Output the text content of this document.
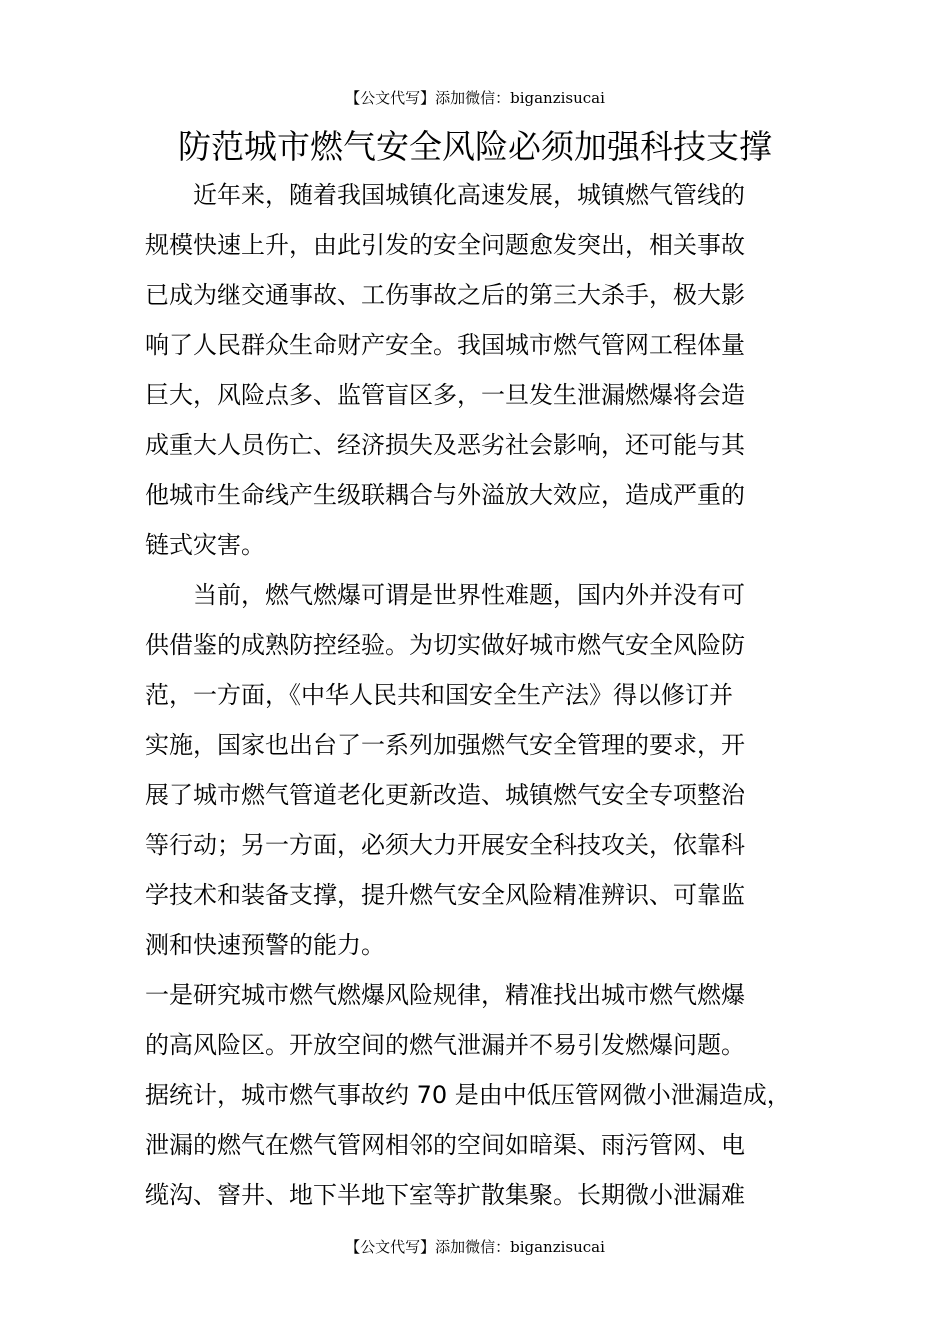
【公文代写】添加微信：biganzisucai
防范城市燃气安全风险必须加强科技支撑
近年来，随着我国城镇化高速发展，城镇燃气管线的
规模快速上升，由此引发的安全问题愈发突出，相关事故
已成为继交通事故、工伤事故之后的第三大杀手，极大影
响了人民群众生命财产安全。我国城市燃气管网工程体量
巨大，风险点多、监管盲区多，一旦发生泄漏燃爆将会造
成重大人员伤亡、经济损失及恶劣社会影响，还可能与其
他城市生命线产生级联耦合与外溢放大效应，造成严重的
链式灾害。
当前，燃气燃爆可谓是世界性难题，国内外并没有可
供借鉴的成熟防控经验。为切实做好城市燃气安全风险防
范，一方面，《中华人民共和国安全生产法》得以修订并
实施，国家也出台了一系列加强燃气安全管理的要求，开
展了城市燃气管道老化更新改造、城镇燃气安全专项整治
等行动；另一方面，必须大力开展安全科技攻关，依靠科
学技术和装备支撑，提升燃气安全风险精准辨识、可靠监
测和快速预警的能力。
一是研究城市燃气燃爆风险规律，精准找出城市燃气燃爆
的高风险区。开放空间的燃气泄漏并不易引发燃爆问题。
据统计，城市燃气事故约 70 是由中低压管网微小泄漏造成，
泄漏的燃气在燃气管网相邻的空间如暗渠、雨污管网、电
缆沟、窨井、地下半地下室等扩散集聚。长期微小泄漏难
【公文代写】添加微信：biganzisucai
